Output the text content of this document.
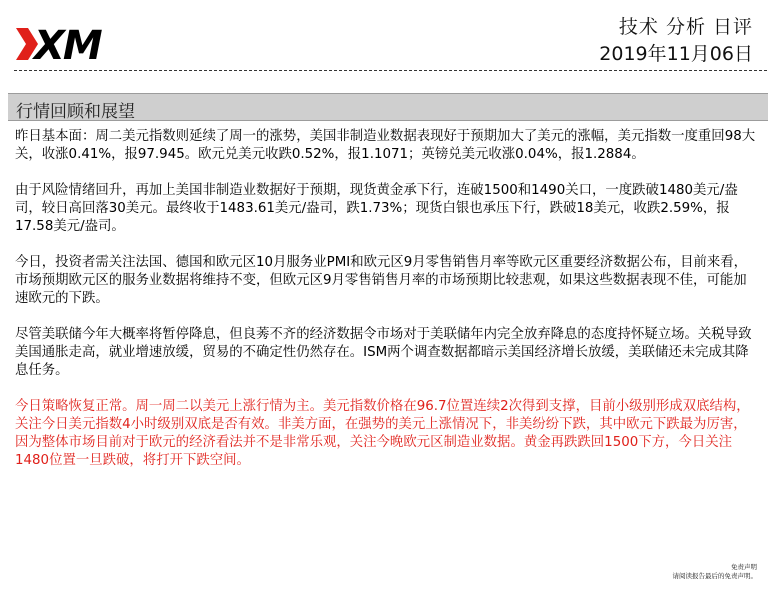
XM	技术 分析 日评
2019年11月06日
行情回顾和展望

昨日基本面：周二美元指数则延续了周一的涨势，美国非制造业数据表现好于预期加大了美元的涨幅，美元指数一度重回98大关，收涨0.41%，报97.945。欧元兑美元收跌0.52%，报1.1071；英镑兑美元收涨0.04%，报1.2884。

由于风险情绪回升，再加上美国非制造业数据好于预期，现货黄金承下行，连破1500和1490关口，一度跌破1480美元/盎司，较日高回落30美元。最终收于1483.61美元/盎司，跌1.73%；现货白银也承压下行，跌破18美元，收跌2.59%，报17.58美元/盎司。

今日，投资者需关注法国、德国和欧元区10月服务业PMI和欧元区9月零售销售月率等欧元区重要经济数据公布，目前来看，市场预期欧元区的服务业数据将维持不变，但欧元区9月零售销售月率的市场预期比较悲观，如果这些数据表现不佳，可能加速欧元的下跌。

尽管美联储今年大概率将暂停降息，但良莠不齐的经济数据令市场对于美联储年内完全放弃降息的态度持怀疑立场。关税导致美国通胀走高，就业增速放缓，贸易的不确定性仍然存在。ISM两个调查数据都暗示美国经济增长放缓，美联储还未完成其降息任务。

今日策略恢复正常。周一周二以美元上涨行情为主。美元指数价格在96.7位置连续2次得到支撑，目前小级别形成双底结构，关注今日美元指数4小时级别双底是否有效。非美方面，在强势的美元上涨情况下，非美纷纷下跌，其中欧元下跌最为厉害，因为整体市场目前对于欧元的经济看法并不是非常乐观，关注今晚欧元区制造业数据。黄金再跌跌回1500下方，今日关注1480位置一旦跌破，将打开下跌空间。

免责声明
请阅读报告最后的免责声明。
